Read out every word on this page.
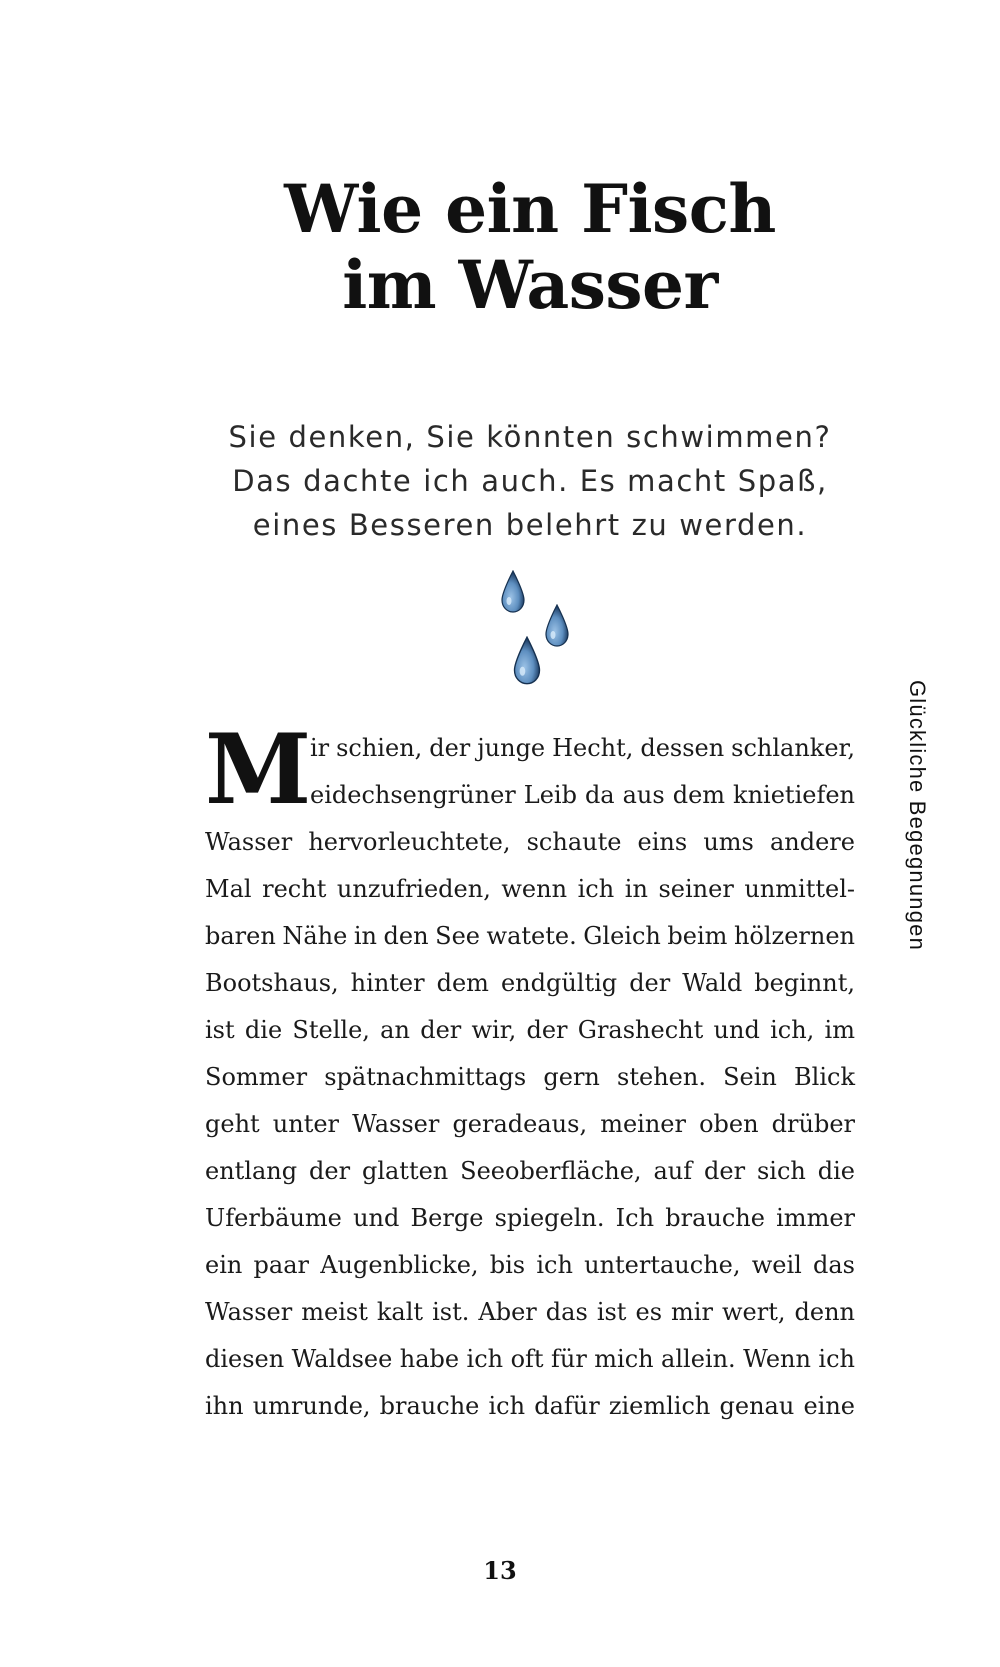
Wie ein Fisch
im Wasser
Sie denken, Sie könnten schwimmen?
Das dachte ich auch. Es macht Spaß,
eines Besseren belehrt zu werden.
M
ir schien, der junge Hecht, dessen schlanker,
eidechsengrüner Leib da aus dem knietiefen
Wasser hervorleuchtete, schaute eins ums andere
Mal recht unzufrieden, wenn ich in seiner unmittel-
baren Nähe in den See watete. Gleich beim hölzernen
Bootshaus, hinter dem endgültig der Wald beginnt,
ist die Stelle, an der wir, der Grashecht und ich, im
Sommer spätnachmittags gern stehen. Sein Blick
geht unter Wasser geradeaus, meiner oben drüber
entlang der glatten Seeoberfläche, auf der sich die
Uferbäume und Berge spiegeln. Ich brauche immer
ein paar Augenblicke, bis ich untertauche, weil das
Wasser meist kalt ist. Aber das ist es mir wert, denn
diesen Waldsee habe ich oft für mich allein. Wenn ich
ihn umrunde, brauche ich dafür ziemlich genau eine
Glückliche Begegnungen
13
